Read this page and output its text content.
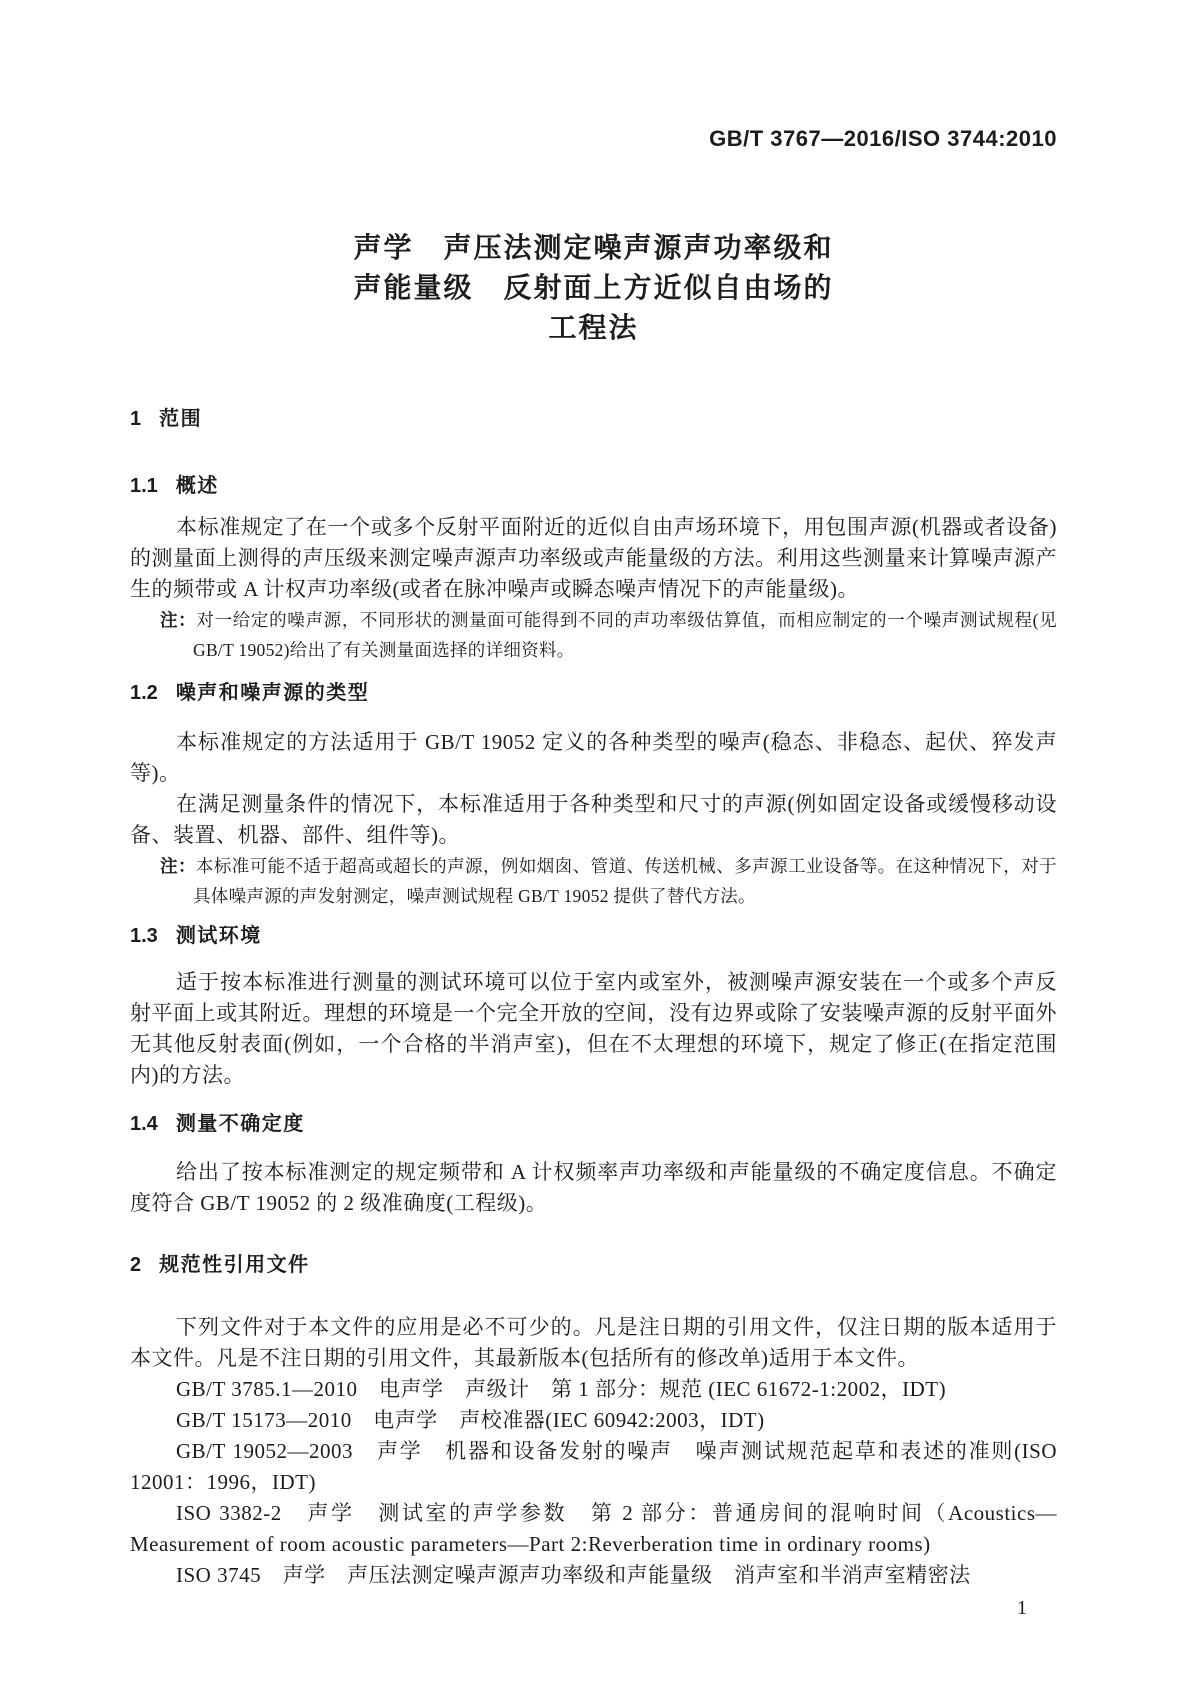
GB/T 3767—2016/ISO 3744:2010
声学　声压法测定噪声源声功率级和
声能量级　反射面上方近似自由场的
工程法
1 范围
1.1 概述

本标准规定了在一个或多个反射平面附近的近似自由声场环境下，用包围声源(机器或者设备)的测量面上测得的声压级来测定噪声源声功率级或声能量级的方法。利用这些测量来计算噪声源产生的频带或 A 计权声功率级(或者在脉冲噪声或瞬态噪声情况下的声能量级)。

注：对一给定的噪声源，不同形状的测量面可能得到不同的声功率级估算值，而相应制定的一个噪声测试规程(见GB/T 19052)给出了有关测量面选择的详细资料。

1.2 噪声和噪声源的类型

本标准规定的方法适用于 GB/T 19052 定义的各种类型的噪声(稳态、非稳态、起伏、猝发声等)。

在满足测量条件的情况下，本标准适用于各种类型和尺寸的声源(例如固定设备或缓慢移动设备、装置、机器、部件、组件等)。

注：本标准可能不适于超高或超长的声源，例如烟囱、管道、传送机械、多声源工业设备等。在这种情况下，对于具体噪声源的声发射测定，噪声测试规程 GB/T 19052 提供了替代方法。

1.3 测试环境

适于按本标准进行测量的测试环境可以位于室内或室外，被测噪声源安装在一个或多个声反射平面上或其附近。理想的环境是一个完全开放的空间，没有边界或除了安装噪声源的反射平面外无其他反射表面(例如，一个合格的半消声室)，但在不太理想的环境下，规定了修正(在指定范围内)的方法。

1.4 测量不确定度

给出了按本标准测定的规定频带和 A 计权频率声功率级和声能量级的不确定度信息。不确定度符合 GB/T 19052 的 2 级准确度(工程级)。

2 规范性引用文件

下列文件对于本文件的应用是必不可少的。凡是注日期的引用文件，仅注日期的版本适用于本文件。凡是不注日期的引用文件，其最新版本(包括所有的修改单)适用于本文件。

GB/T 3785.1—2010　电声学　声级计　第 1 部分：规范 (IEC 61672-1:2002，IDT)

GB/T 15173—2010　电声学　声校准器(IEC 60942:2003，IDT)

GB/T 19052—2003　声学　机器和设备发射的噪声　噪声测试规范起草和表述的准则(ISO 12001：1996，IDT)

ISO 3382-2　声学　测试室的声学参数　第 2 部分：普通房间的混响时间（Acoustics—Measurement of room acoustic parameters—Part 2:Reverberation time in ordinary rooms)

ISO 3745　声学　声压法测定噪声源声功率级和声能量级　消声室和半消声室精密法

1
